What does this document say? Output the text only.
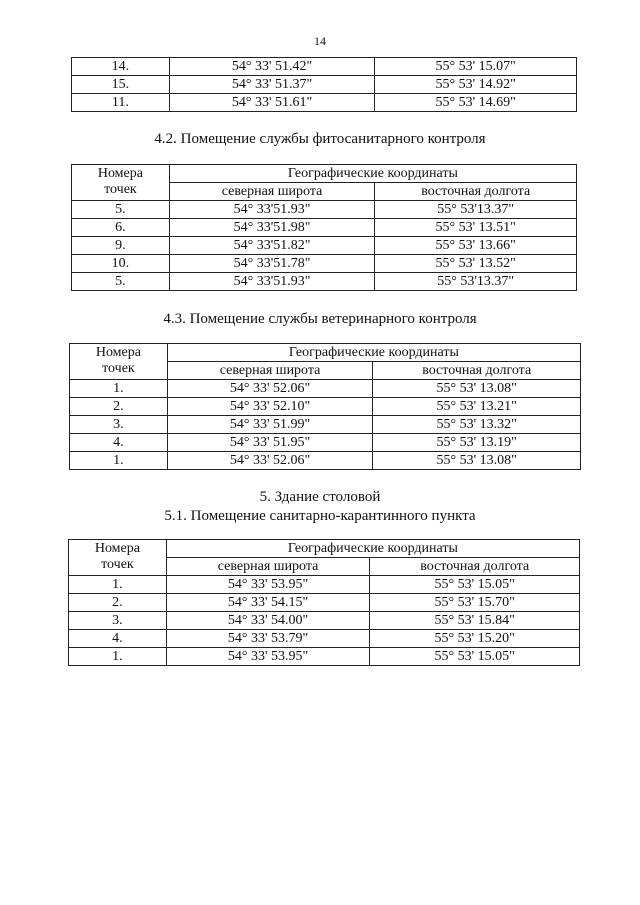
14
14.	54° 33' 51.42"	55° 53' 15.07"
15.	54° 33' 51.37"	55° 53' 14.92"
11.	54° 33' 51.61"	55° 53' 14.69"
4.2. Помещение службы фитосанитарного контроля
Номера
точек	Географические координаты	
	северная широта	восточная долгота
5.	54° 33'51.93"	55° 53'13.37"
6.	54° 33'51.98"	55° 53' 13.51"
9.	54° 33'51.82"	55° 53' 13.66"
10.	54° 33'51.78"	55° 53' 13.52"
5.	54° 33'51.93"	55° 53'13.37"
4.3. Помещение службы ветеринарного контроля
Номера
точек	Географические координаты	
	северная широта	восточная долгота
1.	54° 33' 52.06"	55° 53' 13.08"
2.	54° 33' 52.10"	55° 53' 13.21"
3.	54° 33' 51.99"	55° 53' 13.32"
4.	54° 33' 51.95"	55° 53' 13.19"
1.	54° 33' 52.06"	55° 53' 13.08"
5. Здание столовой
5.1. Помещение санитарно-карантинного пункта
Номера
точек	Географические координаты	
	северная широта	восточная долгота
1.	54° 33' 53.95"	55° 53' 15.05"
2.	54° 33' 54.15"	55° 53' 15.70"
3.	54° 33' 54.00"	55° 53' 15.84"
4.	54° 33' 53.79"	55° 53' 15.20"
1.	54° 33' 53.95"	55° 53' 15.05"
